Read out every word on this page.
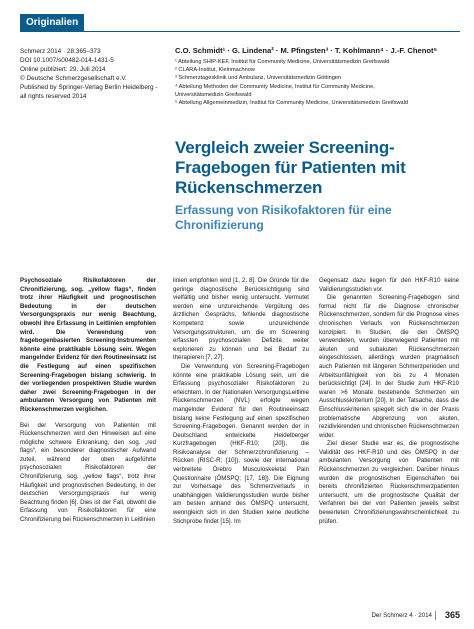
Originalien
Schmerz 2014 · 28:365–373
DOI 10.1007/s00482-014-1431-5
Online publiziert: 29. Juli 2014
© Deutsche Schmerzgesellschaft e.V.
Published by Springer-Verlag Berlin Heidelberg -
all rights reserved 2014
C.O. Schmidt¹ · G. Lindena² · M. Pfingsten³ · T. Kohlmann⁴ · J.-F. Chenot⁵
¹ Abteilung SHIP-KEF, Institut für Community Medicine, Universitätsmedizin Greifswald
² CLARA-Institut, Kleinmachnow
³ Schmerztagesklinik und Ambulanz, Universitätsmedizin Göttingen
⁴ Abteilung Methoden der Community Medicine, Institut für Community Medicine,
Universitätsmedizin Greifswald
⁵ Abteilung Allgemeinmedizin, Institut für Community Medicine, Universitätsmedizin Greifswald
Vergleich zweier Screening-Fragebogen für Patienten mit Rückenschmerzen
Erfassung von Risikofaktoren für eine Chronifizierung

Psychosoziale Risikofaktoren der Chronifizierung, sog. „yellow flags“, finden trotz ihrer Häufigkeit und prognostischen Bedeutung in der deutschen Versorgungspraxis nur wenig Beachtung, obwohl ihre Erfassung in Leitlinien empfohlen wird. Die Verwendung von fragebogenbasierten Screening-Instrumenten könnte eine praktikable Lösung sein. Wegen mangelnder Evidenz für den Routineeinsatz ist die Festlegung auf einen spezifischen Screening-Fragebogen bislang schwierig. In der vorliegenden prospektiven Studie wurden daher zwei Screening-Fragebogen in der ambulanten Versorgung von Patienten mit Rückenschmerzen verglichen.

Bei der Versorgung von Patienten mit Rückenschmerzen wird den Hinweisen auf eine mögliche schwere Erkrankung, den sog. „red flags“, ein besonderer diagnostischer Aufwand zuteil, während der oben aufgeführte psychosozialen Risikofaktoren der Chronifizierung, sog. „yellow flags“, trotz ihrer Häufigkeit und prognostischen Bedeutung, in der deutschen Versorgungspraxis nur wenig Beachtung finden [6]. Dies ist der Fall, obwohl die Erfassung von Risikofaktoren für eine Chronifizierung bei Rückenschmerzen in Leitlinien

linien empfohlen wird [1, 2, 8]. Die Gründe für die geringe diagnostische Berücksichtigung sind vielfältig und bisher wenig untersucht. Vermutet werden eine unzureichende Vergütung des ärztlichen Gesprächs, fehlende diagnostische Kompetenz sowie unzureichende Versorgungsstrukturen, um die im Screening erfassten psychosozialen Defizite weiter explorieren zu können und bei Bedarf zu therapieren [7, 27].

Die Verwendung von Screening-Fragebogen könnte eine praktikable Lösung sein, um die Erfassung psychosozialer Risikofaktoren zu erleichtern. In der Nationalen VersorgungsLeitlinie Rückenschmerzen (NVL) erfolgte wegen mangelnder Evidenz für den Routineeinsatz bislang keine Festlegung auf einen spezifischen Screening-Fragebogen. Genannt werden der in Deutschland entwickelte Heidelberger Kurzfragebogen (HKF-R10; [20]), die Risikoanalyse der Schmerzchronifizierung – Rücken (RISC-R; [10]), sowie der international verbreitete Örebro Musculoskeletal Pain Questionnaire (ÖMSPQ; [17, 18]). Die Eignung zur Vorhersage des Schmerzverlaufs in unabhängigen Validierungsstudien wurde bisher am besten anhand des ÖMSPQ untersucht, wenngleich sich in den Studien keine deutliche Stichprobe findet [15]. Im

Gegensatz dazu liegen für den HKF-R10 keine Validierungsstudien vor.

Die genannten Screening-Fragebogen sind formal nicht für die Diagnose chronischer Rückenschmerzen, sondern für die Prognose eines chronischen Verlaufs von Rückenschmerzen konzipiert. In Studien, die den ÖMSPQ verwendeten, wurden überwiegend Patienten mit akuten und subakuten Rückenschmerzen eingeschlossen, allerdings wurden pragmatisch auch Patienten mit längeren Schmerzperioden und Arbeitsunfähigkeit von bis zu 4 Monaten berücksichtigt [24]. In der Studie zum HKF-R10 waren >6 Monate bestehende Schmerzen ein Ausschlusskriterium [20]. In der Tatsache, dass die Einschlusskriterien spiegelt sich die in der Praxis problematische Abgrenzung von akuten, rezidivierenden und chronischen Rückenschmerzen wider.

Ziel dieser Studie war es, die prognostische Validität des HKF-R10 und des ÖMSPQ in der ambulanten Versorgung von Patienten mit Rückenschmerzen zu vergleichen. Darüber hinaus wurden die prognostischen Eigenschaften bei bereits chronifizierten Rückenschmerzpatienten untersucht, um die prognostische Qualität der Verfahren bei der von Patienten jeweils selbst bewerteten Chronifizierungswahrscheinlichkeit zu prüfen.

Der Schmerz 4 · 2014 365
